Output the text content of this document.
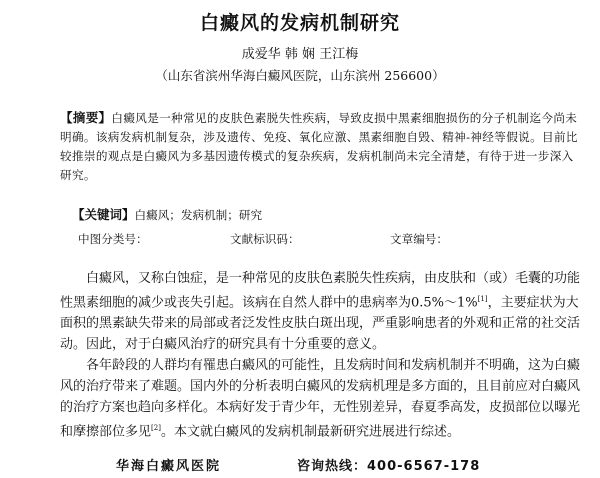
白癜风的发病机制研究
成爱华 韩 娴 王江梅
（山东省滨州华海白癜风医院，山东滨州 256600）
【摘要】白癜风是一种常见的皮肤色素脱失性疾病，导致皮损中黑素细胞损伤的分子机制迄今尚未明确。该病发病机制复杂，涉及遗传、免疫、氧化应激、黑素细胞自毁、精神-神经等假说。目前比较推崇的观点是白癜风为多基因遗传模式的复杂疾病，发病机制尚未完全清楚，有待于进一步深入研究。
【关键词】白癜风；发病机制；研究
中图分类号：	文献标识码：	文章编号：

白癜风，又称白蚀症，是一种常见的皮肤色素脱失性疾病，由皮肤和（或）毛囊的功能性黑素细胞的减少或丧失引起。该病在自然人群中的患病率为0.5%～1%[1]，主要症状为大面积的黑素缺失带来的局部或者泛发性皮肤白斑出现，严重影响患者的外观和正常的社交活动。因此，对于白癜风治疗的研究具有十分重要的意义。

各年龄段的人群均有罹患白癜风的可能性，且发病时间和发病机制并不明确，这为白癜风的治疗带来了难题。国内外的分析表明白癜风的发病机理是多方面的，且目前应对白癜风的治疗方案也趋向多样化。本病好发于青少年，无性别差异，春夏季高发，皮损部位以曝光和摩擦部位多见[2]。本文就白癜风的发病机制最新研究进展进行综述。

华海白癜风医院	咨询热线：400-6567-178
